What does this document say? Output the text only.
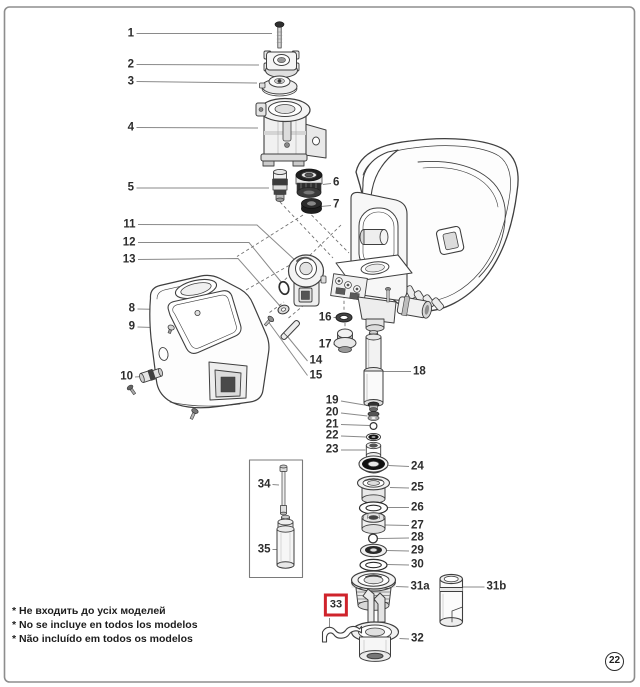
1
2
3
4
5	6
7
8
9
10
11
12
13
14
15
16
17
18
19
20
21
22
23
24
25
26
27
28
29
30
31a	31b
32
33
34
35
* Не входить до усіх моделей
* No se incluye en todos los modelos
* Não incluído em todos os modelos
22
